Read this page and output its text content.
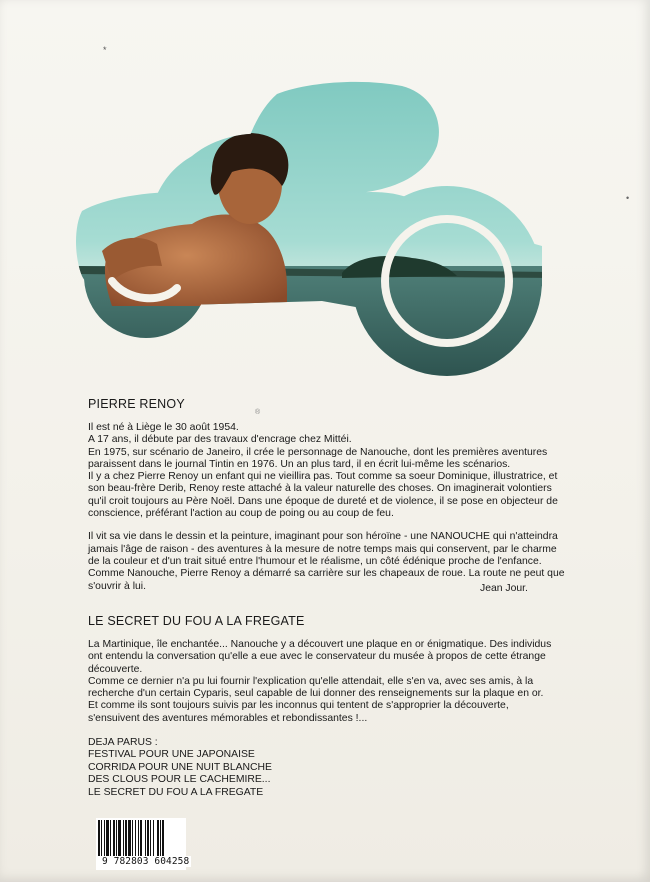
*
•
PIERRE RENOY
®

Il est né à Liège le 30 août 1954.
A 17 ans, il débute par des travaux d'encrage chez Mittéi.
En 1975, sur scénario de Janeiro, il crée le personnage de Nanouche, dont les premières aventures
paraissent dans le journal Tintin en 1976. Un an plus tard, il en écrit lui-même les scénarios.
Il y a chez Pierre Renoy un enfant qui ne vieillira pas. Tout comme sa soeur Dominique, illustratrice, et
son beau-frère Derib, Renoy reste attaché à la valeur naturelle des choses. On imaginerait volontiers
qu'il croit toujours au Père Noël. Dans une époque de dureté et de violence, il se pose en objecteur de
conscience, préférant l'action au coup de poing ou au coup de feu.

Il vit sa vie dans le dessin et la peinture, imaginant pour son héroïne - une NANOUCHE qui n'atteindra
jamais l'âge de raison - des aventures à la mesure de notre temps mais qui conservent, par le charme
de la couleur et d'un trait situé entre l'humour et le réalisme, un côté édénique proche de l'enfance.
Comme Nanouche, Pierre Renoy a démarré sa carrière sur les chapeaux de roue. La route ne peut que
s'ouvrir à lui.	Jean Jour.
LE SECRET DU FOU A LA FREGATE

La Martinique, île enchantée... Nanouche y a découvert une plaque en or énigmatique. Des individus
ont entendu la conversation qu'elle a eue avec le conservateur du musée à propos de cette étrange
découverte.
Comme ce dernier n'a pu lui fournir l'explication qu'elle attendait, elle s'en va, avec ses amis, à la
recherche d'un certain Cyparis, seul capable de lui donner des renseignements sur la plaque en or.
Et comme ils sont toujours suivis par les inconnus qui tentent de s'approprier la découverte,
s'ensuivent des aventures mémorables et rebondissantes !...

DEJA PARUS :
FESTIVAL POUR UNE JAPONAISE
CORRIDA POUR UNE NUIT BLANCHE
DES CLOUS POUR LE CACHEMIRE...
LE SECRET DU FOU A LA FREGATE
9 782803 604258
